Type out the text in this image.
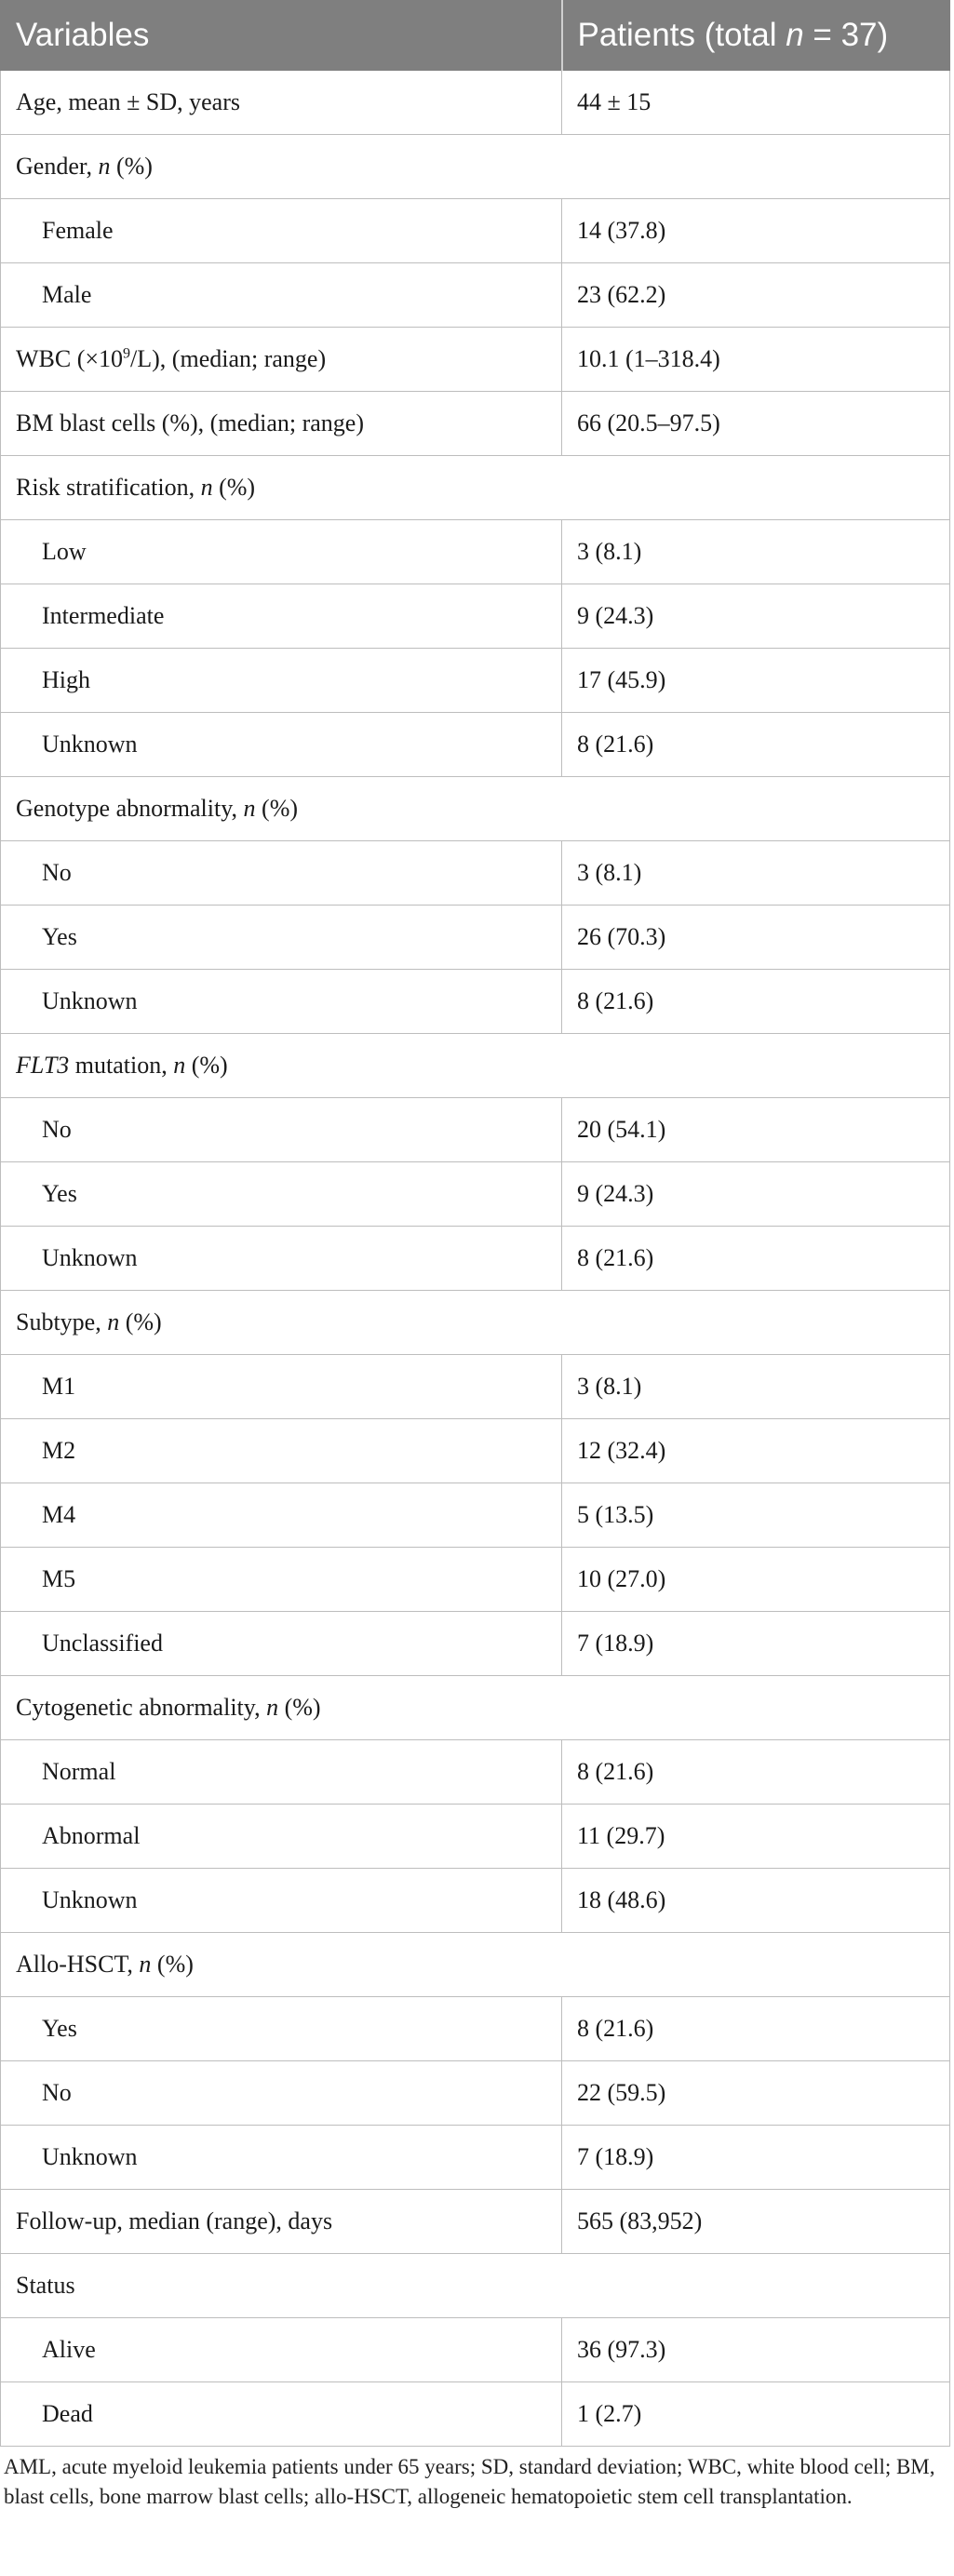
Variables	Patients (total n = 37)
Age, mean ± SD, years	44 ± 15
Gender, n (%)	
Female	14 (37.8)
Male	23 (62.2)
WBC $(\times 10^9/L)$, (median; range)	10.1 (1–318.4)
BM blast cells (%), (median; range)	66 (20.5–97.5)
Risk stratification, n (%)	
Low	3 (8.1)
Intermediate	9 (24.3)
High	17 (45.9)
Unknown	8 (21.6)
Genotype abnormality, n (%)	
No	3 (8.1)
Yes	26 (70.3)
Unknown	8 (21.6)
FLT3 mutation, n (%)	
No	20 (54.1)
Yes	9 (24.3)
Unknown	8 (21.6)
Subtype, n (%)	
M1	3 (8.1)
M2	12 (32.4)
M4	5 (13.5)
M5	10 (27.0)
Unclassified	7 (18.9)
Cytogenetic abnormality, n (%)	
Normal	8 (21.6)
Abnormal	11 (29.7)
Unknown	18 (48.6)
Allo-HSCT, n (%)	
Yes	8 (21.6)
No	22 (59.5)
Unknown	7 (18.9)
Follow-up, median (range), days	565 (83,952)
Status	
Alive	36 (97.3)
Dead	1 (2.7)
AML, acute myeloid leukemia patients under 65 years; SD, standard deviation; WBC, white blood cell; BM, blast cells, bone marrow blast cells; allo-HSCT, allogeneic hematopoietic stem cell transplantation.
